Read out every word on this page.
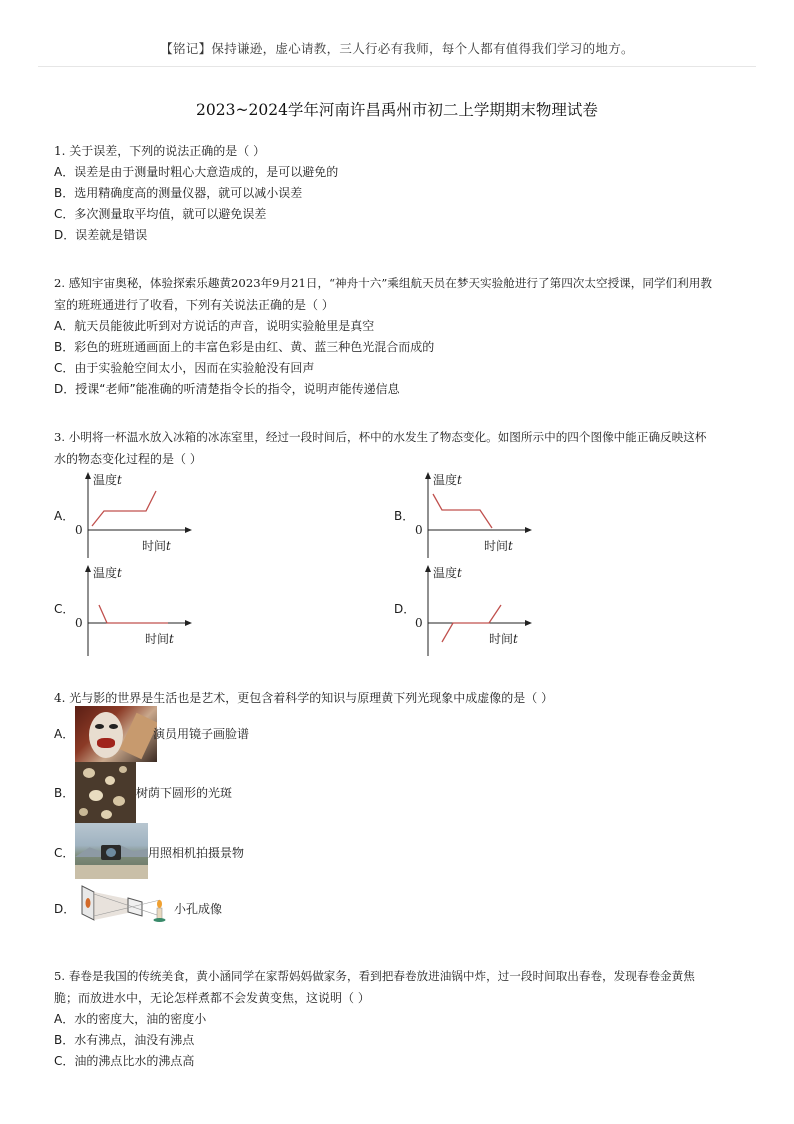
【铭记】保持谦逊，虚心请教，三人行必有我师，每个人都有值得我们学习的地方。
2023~2024学年河南许昌禹州市初二上学期期末物理试卷
1. 关于误差，下列的说法正确的是（ ）
A．误差是由于测量时粗心大意造成的，是可以避免的
B．选用精确度高的测量仪器，就可以减小误差
C．多次测量取平均值，就可以避免误差
D．误差就是错误
2. 感知宇宙奥秘，体验探索乐趣黄2023年9月21日，“神舟十六”乘组航天员在梦天实验舱进行了第四次太空授课，同学们利用教
室的班班通进行了收看，下列有关说法正确的是（ ）
A．航天员能彼此听到对方说话的声音，说明实验舱里是真空
B．彩色的班班通画面上的丰富色彩是由红、黄、蓝三种色光混合而成的
C．由于实验舱空间太小，因而在实验舱没有回声
D．授课“老师”能准确的听清楚指令长的指令，说明声能传递信息
3. 小明将一杯温水放入冰箱的冰冻室里，经过一段时间后，杯中的水发生了物态变化。如图所示中的四个图像中能正确反映这杯
水的物态变化过程的是（ ）
A．
温度t
0
时间t
B．
温度t
0
时间t
C．
温度t
0
时间t
D．
温度t
0
时间t
4. 光与影的世界是生活也是艺术，更包含着科学的知识与原理黄下列光现象中成虚像的是（ ）
A．	演员用镜子画脸谱
B．	树荫下圆形的光斑
C．	用照相机拍摄景物
D．	小孔成像
5. 春卷是我国的传统美食，黄小涵同学在家帮妈妈做家务，看到把春卷放进油锅中炸，过一段时间取出春卷，发现春卷金黄焦
脆；而放进水中，无论怎样煮都不会发黄变焦，这说明（ ）
A．水的密度大，油的密度小
B．水有沸点，油没有沸点
C．油的沸点比水的沸点高
